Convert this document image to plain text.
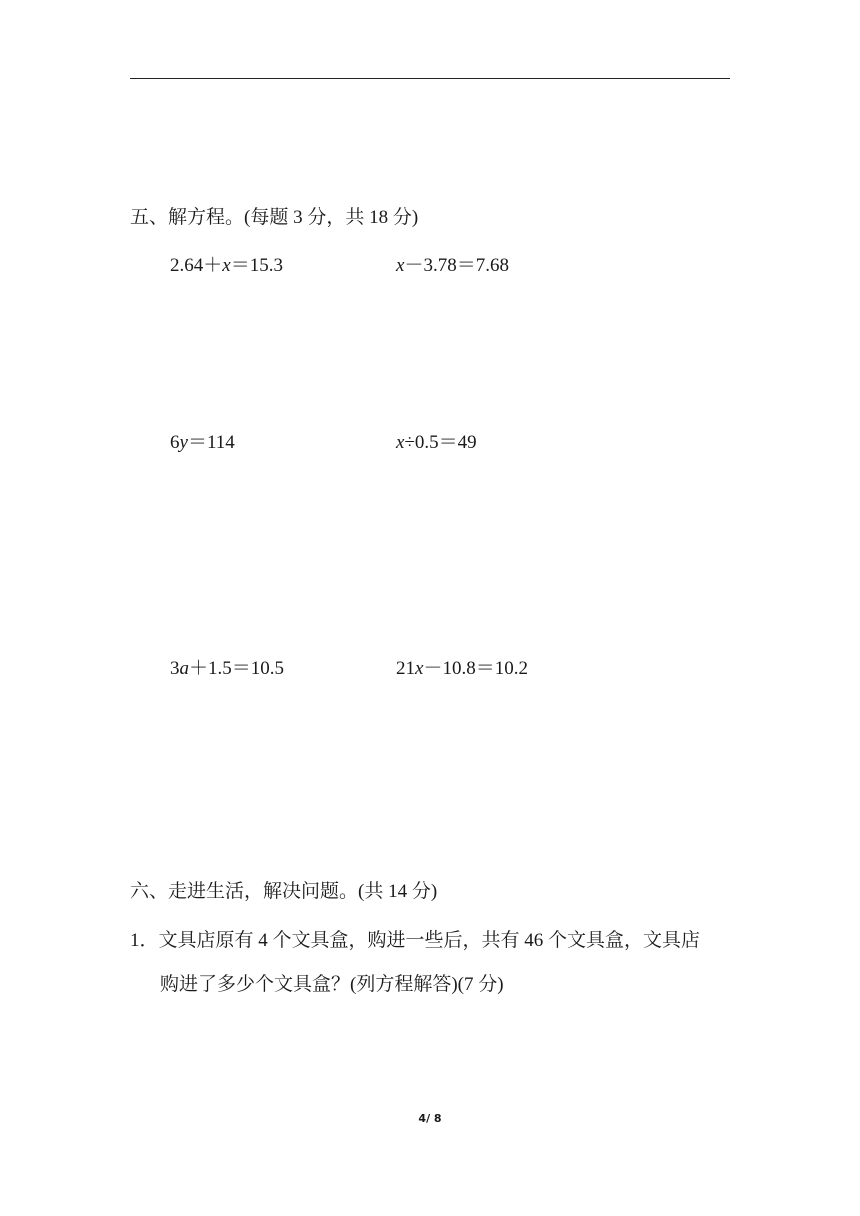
五、解方程。(每题 3 分，共 18 分)
2.64＋x＝15.3	x－3.78＝7.68
6y＝114	x÷0.5＝49
3a＋1.5＝10.5	21x－10.8＝10.2
六、走进生活，解决问题。(共 14 分)
1．文具店原有 4 个文具盒，购进一些后，共有 46 个文具盒，文具店
购进了多少个文具盒？(列方程解答)(7 分)
4/ 8
